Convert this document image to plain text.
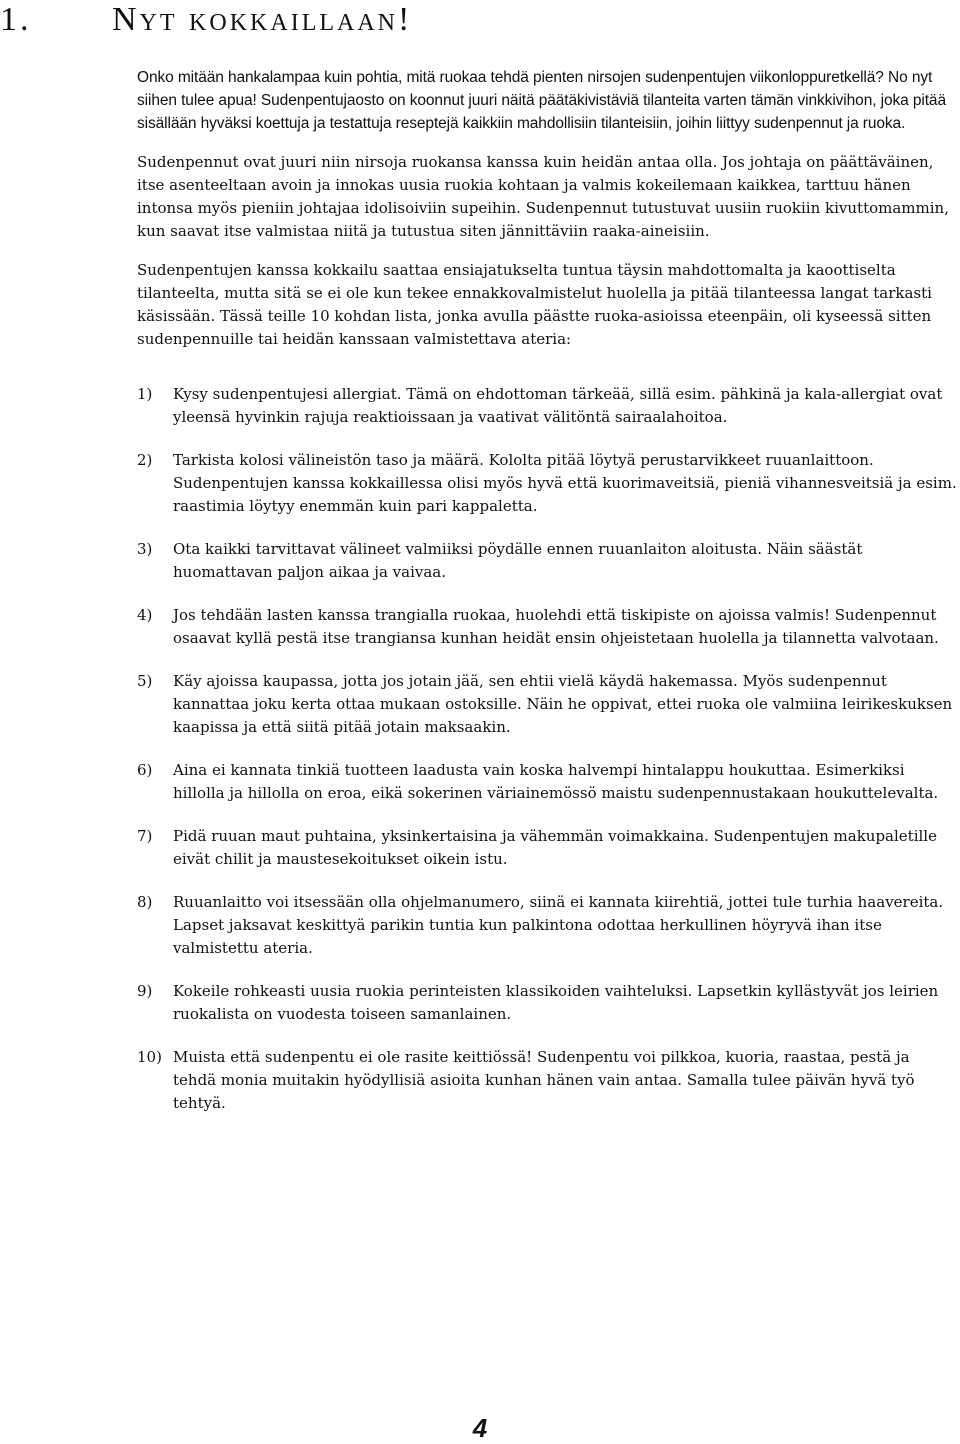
1. Nyt kokkaillaan!

Onko mitään hankalampaa kuin pohtia, mitä ruokaa tehdä pienten nirsojen sudenpentujen viikonloppuretkellä? No nyt siihen tulee apua! Sudenpentujaosto on koonnut juuri näitä päätäkivistäviä tilanteita varten tämän vinkkivihon, joka pitää sisällään hyväksi koettuja ja testattuja reseptejä kaikkiin mahdollisiin tilanteisiin, joihin liittyy sudenpennut ja ruoka.

Sudenpennut ovat juuri niin nirsoja ruokansa kanssa kuin heidän antaa olla. Jos johtaja on päättäväinen, itse asenteeltaan avoin ja innokas uusia ruokia kohtaan ja valmis kokeilemaan kaikkea, tarttuu hänen intonsa myös pieniin johtajaa idolisoiviin supeihin. Sudenpennut tutustuvat uusiin ruokiin kivuttomammin, kun saavat itse valmistaa niitä ja tutustua siten jännittäviin raaka-aineisiin.

Sudenpentujen kanssa kokkailu saattaa ensiajatukselta tuntua täysin mahdottomalta ja kaoottiselta tilanteelta, mutta sitä se ei ole kun tekee ennakkovalmistelut huolella ja pitää tilanteessa langat tarkasti käsissään. Tässä teille 10 kohdan lista, jonka avulla päästte ruoka-asioissa eteenpäin, oli kyseessä sitten sudenpennuille tai heidän kanssaan valmistettava ateria:

1)	Kysy sudenpentujesi allergiat. Tämä on ehdottoman tärkeää, sillä esim. pähkinä ja kala-allergiat ovat yleensä hyvinkin rajuja reaktioissaan ja vaativat välitöntä sairaalahoitoa.
2)	Tarkista kolosi välineistön taso ja määrä. Kololta pitää löytyä perustarvikkeet ruuanlaittoon. Sudenpentujen kanssa kokkaillessa olisi myös hyvä että kuorimaveitsiä, pieniä vihannesveitsiä ja esim. raastimia löytyy enemmän kuin pari kappaletta.
3)	Ota kaikki tarvittavat välineet valmiiksi pöydälle ennen ruuanlaiton aloitusta. Näin säästät huomattavan paljon aikaa ja vaivaa.
4)	Jos tehdään lasten kanssa trangialla ruokaa, huolehdi että tiskipiste on ajoissa valmis! Sudenpennut osaavat kyllä pestä itse trangiansa kunhan heidät ensin ohjeistetaan huolella ja tilannetta valvotaan.
5)	Käy ajoissa kaupassa, jotta jos jotain jää, sen ehtii vielä käydä hakemassa. Myös sudenpennut kannattaa joku kerta ottaa mukaan ostoksille. Näin he oppivat, ettei ruoka ole valmiina leirikeskuksen kaapissa ja että siitä pitää jotain maksaakin.
6)	Aina ei kannata tinkiä tuotteen laadusta vain koska halvempi hintalappu houkuttaa. Esimerkiksi hillolla ja hillolla on eroa, eikä sokerinen väriainemössö maistu sudenpennustakaan houkuttelevalta.
7)	Pidä ruuan maut puhtaina, yksinkertaisina ja vähemmän voimakkaina. Sudenpentujen makupaletille eivät chilit ja maustesekoitukset oikein istu.
8)	Ruuanlaitto voi itsessään olla ohjelmanumero, siinä ei kannata kiirehtiä, jottei tule turhia haavereita. Lapset jaksavat keskittyä parikin tuntia kun palkintona odottaa herkullinen höyryvä ihan itse valmistettu ateria.
9)	Kokeile rohkeasti uusia ruokia perinteisten klassikoiden vaihteluksi. Lapsetkin kyllästyvät jos leirien ruokalista on vuodesta toiseen samanlainen.
10) Muista että sudenpentu ei ole rasite keittiössä! Sudenpentu voi pilkkoa, kuoria, raastaa, pestä ja tehdä monia muitakin hyödyllisiä asioita kunhan hänen vain antaa. Samalla tulee päivän hyvä työ tehtyä.
4
